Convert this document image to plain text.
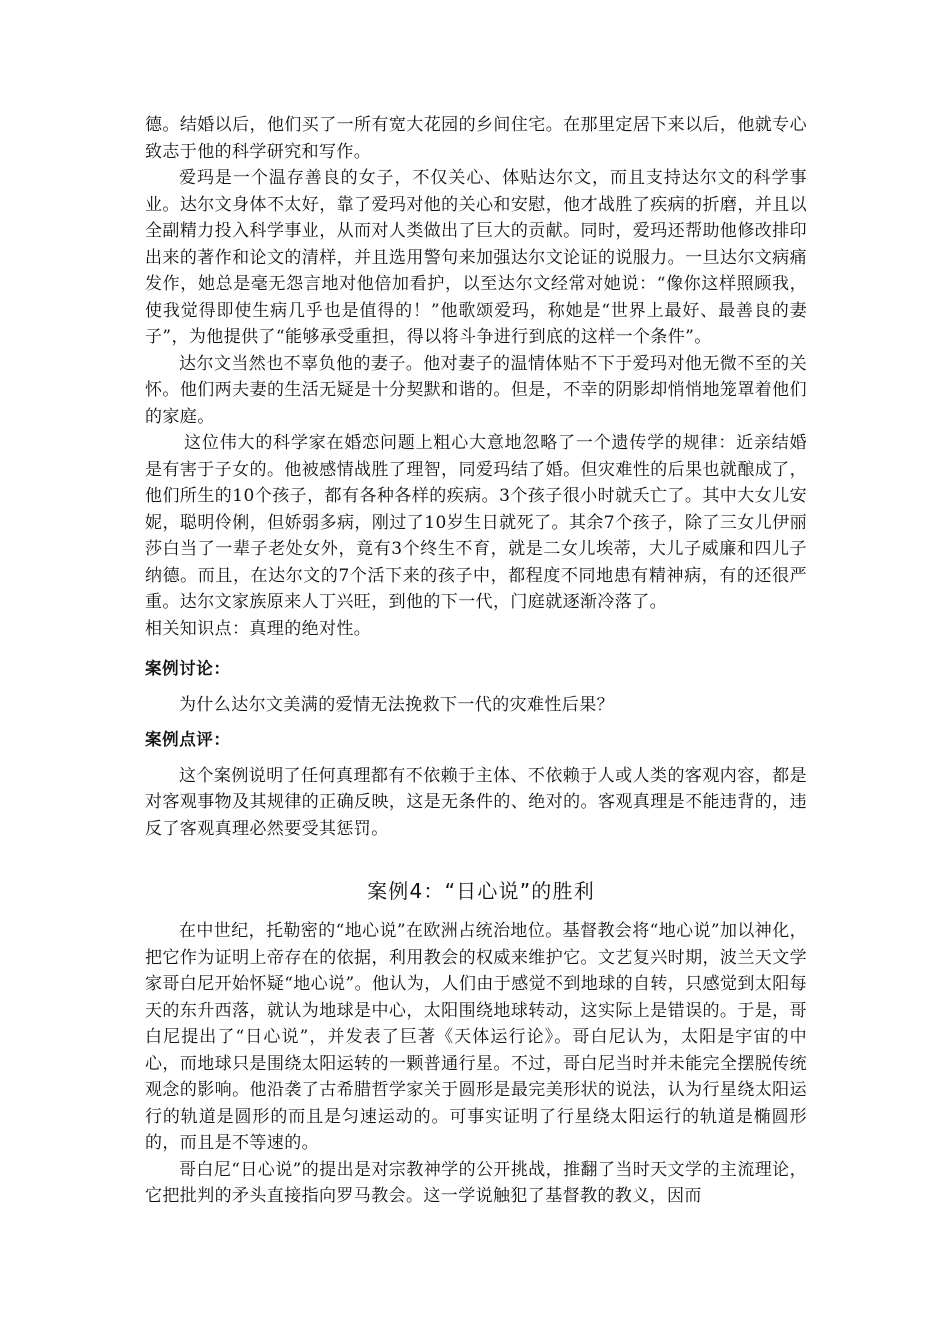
德。结婚以后，他们买了一所有宽大花园的乡间住宅。在那里定居下来以后，他就专心致志于他的科学研究和写作。

爱玛是一个温存善良的女子，不仅关心、体贴达尔文，而且支持达尔文的科学事业。达尔文身体不太好，靠了爱玛对他的关心和安慰，他才战胜了疾病的折磨，并且以全副精力投入科学事业，从而对人类做出了巨大的贡献。同时，爱玛还帮助他修改排印出来的著作和论文的清样，并且选用警句来加强达尔文论证的说服力。一旦达尔文病痛发作，她总是毫无怨言地对他倍加看护，以至达尔文经常对她说：“像你这样照顾我，使我觉得即使生病几乎也是值得的！”他歌颂爱玛，称她是“世界上最好、最善良的妻子”，为他提供了“能够承受重担，得以将斗争进行到底的这样一个条件”。

达尔文当然也不辜负他的妻子。他对妻子的温情体贴不下于爱玛对他无微不至的关怀。他们两夫妻的生活无疑是十分契默和谐的。但是，不幸的阴影却悄悄地笼罩着他们的家庭。

这位伟大的科学家在婚恋问题上粗心大意地忽略了一个遗传学的规律：近亲结婚是有害于子女的。他被感情战胜了理智，同爱玛结了婚。但灾难性的后果也就酿成了，他们所生的10个孩子，都有各种各样的疾病。3个孩子很小时就夭亡了。其中大女儿安妮，聪明伶俐，但娇弱多病，刚过了10岁生日就死了。其余7个孩子，除了三女儿伊丽莎白当了一辈子老处女外，竟有3个终生不育，就是二女儿埃蒂，大儿子威廉和四儿子纳德。而且，在达尔文的7个活下来的孩子中，都程度不同地患有精神病，有的还很严重。达尔文家族原来人丁兴旺，到他的下一代，门庭就逐渐冷落了。

相关知识点：真理的绝对性。

案例讨论：

为什么达尔文美满的爱情无法挽救下一代的灾难性后果？

案例点评：

这个案例说明了任何真理都有不依赖于主体、不依赖于人或人类的客观内容，都是对客观事物及其规律的正确反映，这是无条件的、绝对的。客观真理是不能违背的，违反了客观真理必然要受其惩罚。

案例4：“日心说”的胜利

在中世纪，托勒密的“地心说”在欧洲占统治地位。基督教会将“地心说”加以神化，把它作为证明上帝存在的依据，利用教会的权威来维护它。文艺复兴时期，波兰天文学家哥白尼开始怀疑“地心说”。他认为，人们由于感觉不到地球的自转，只感觉到太阳每天的东升西落，就认为地球是中心，太阳围绕地球转动，这实际上是错误的。于是，哥白尼提出了“日心说”，并发表了巨著《天体运行论》。哥白尼认为，太阳是宇宙的中心，而地球只是围绕太阳运转的一颗普通行星。不过，哥白尼当时并未能完全摆脱传统观念的影响。他沿袭了古希腊哲学家关于圆形是最完美形状的说法，认为行星绕太阳运行的轨道是圆形的而且是匀速运动的。可事实证明了行星绕太阳运行的轨道是椭圆形的，而且是不等速的。

哥白尼“日心说”的提出是对宗教神学的公开挑战，推翻了当时天文学的主流理论，它把批判的矛头直接指向罗马教会。这一学说触犯了基督教的教义，因而
